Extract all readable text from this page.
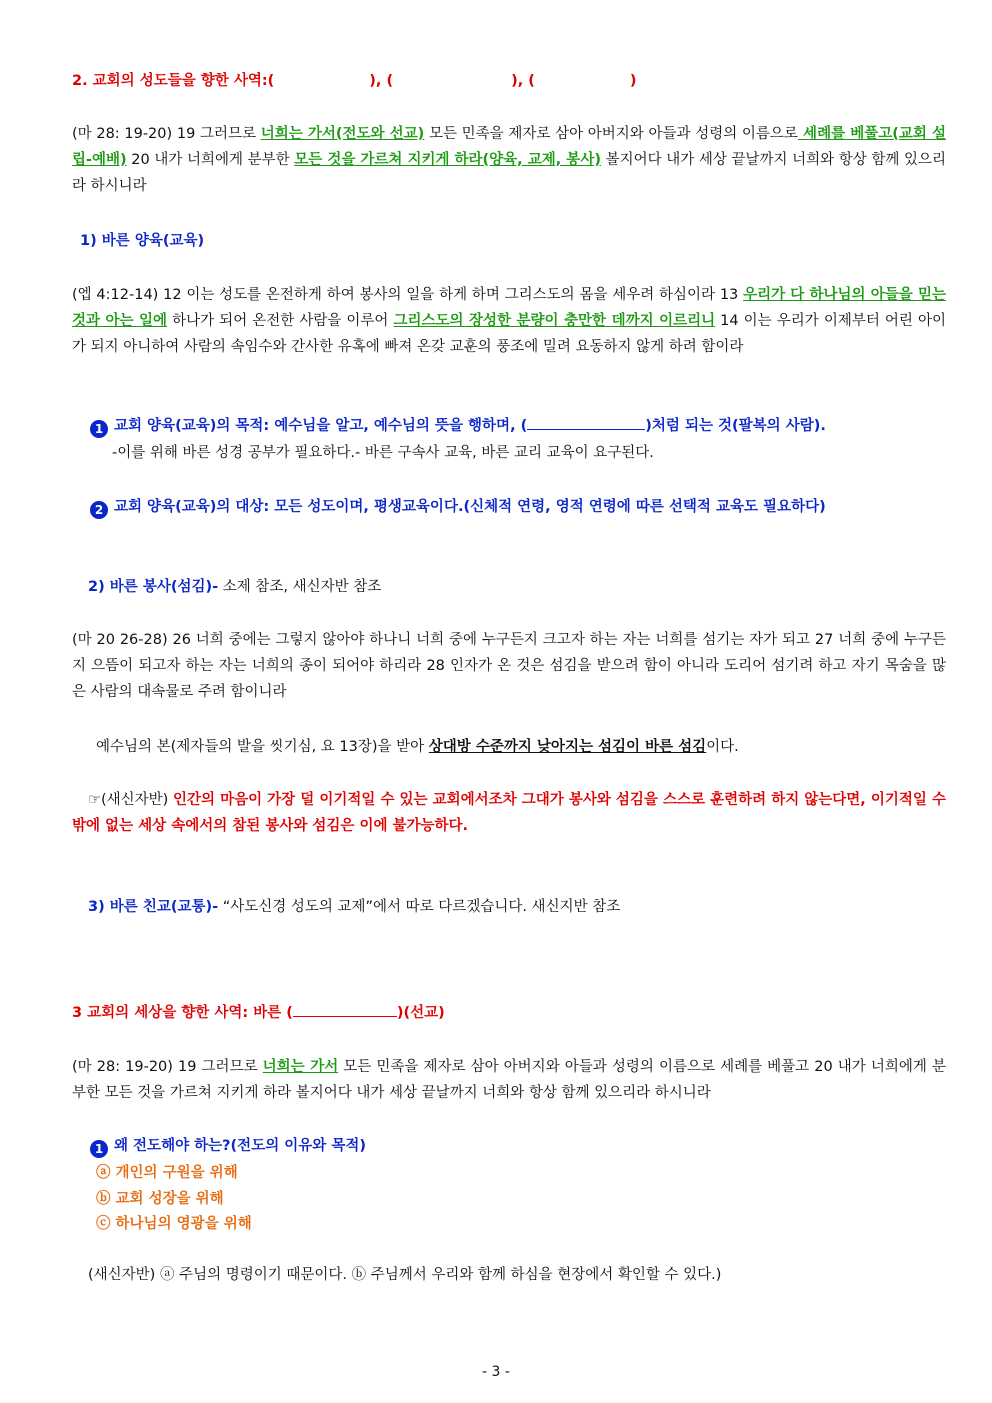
2. 교회의 성도들을 향한 사역:(	), (	), (	)
(마 28: 19-20) 19 그러므로 너희는 가서(전도와 선교) 모든 민족을 제자로 삼아 아버지와 아들과 성령의 이름으로 세례를 베풀고(교회 설립-예배) 20 내가 너희에게 분부한 모든 것을 가르쳐 지키게 하라(양육, 교제, 봉사) 볼지어다 내가 세상 끝날까지 너희와 항상 함께 있으리라 하시니라
1) 바른 양육(교육)
(엡 4:12-14) 12 이는 성도를 온전하게 하여 봉사의 일을 하게 하며 그리스도의 몸을 세우려 하심이라 13 우리가 다 하나님의 아들을 믿는 것과 아는 일에 하나가 되어 온전한 사람을 이루어 그리스도의 장성한 분량이 충만한 데까지 이르리니 14 이는 우리가 이제부터 어린 아이가 되지 아니하여 사람의 속임수와 간사한 유혹에 빠져 온갖 교훈의 풍조에 밀려 요동하지 않게 하려 함이라
1 교회 양육(교육)의 목적: 예수님을 알고, 예수님의 뜻을 행하며, (	)처럼 되는 것(팔복의 사람).
-이를 위해 바른 성경 공부가 필요하다.- 바른 구속사 교육, 바른 교리 교육이 요구된다.
2 교회 양육(교육)의 대상: 모든 성도이며, 평생교육이다.(신체적 연령, 영적 연령에 따른 선택적 교육도 필요하다)
2) 바른 봉사(섬김)- 소제 참조, 새신자반 참조
(마 20 26-28) 26 너희 중에는 그렇지 않아야 하나니 너희 중에 누구든지 크고자 하는 자는 너희를 섬기는 자가 되고 27 너희 중에 누구든지 으뜸이 되고자 하는 자는 너희의 종이 되어야 하리라 28 인자가 온 것은 섬김을 받으려 함이 아니라 도리어 섬기려 하고 자기 목숨을 많은 사람의 대속물로 주려 함이니라
예수님의 본(제자들의 발을 씻기심, 요 13장)을 받아 상대방 수준까지 낮아지는 섬김이 바른 섬김이다.
☞(새신자반) 인간의 마음이 가장 덜 이기적일 수 있는 교회에서조차 그대가 봉사와 섬김을 스스로 훈련하려 하지 않는다면, 이기적일 수밖에 없는 세상 속에서의 참된 봉사와 섬김은 이에 불가능하다.
3) 바른 친교(교통)- “사도신경 성도의 교제”에서 따로 다르겠습니다. 새신지반 참조
3 교회의 세상을 향한 사역: 바른 (	)(선교)
(마 28: 19-20) 19 그러므로 너희는 가서 모든 민족을 제자로 삼아 아버지와 아들과 성령의 이름으로 세례를 베풀고 20 내가 너희에게 분부한 모든 것을 가르쳐 지키게 하라 볼지어다 내가 세상 끝날까지 너희와 항상 함께 있으리라 하시니라
1 왜 전도해야 하는?(전도의 이유와 목적)
ⓐ 개인의 구원을 위해
ⓑ 교회 성장을 위해
ⓒ 하나님의 영광을 위해
(새신자반) ⓐ 주님의 명령이기 때문이다. ⓑ 주님께서 우리와 함께 하심을 현장에서 확인할 수 있다.)
- 3 -
